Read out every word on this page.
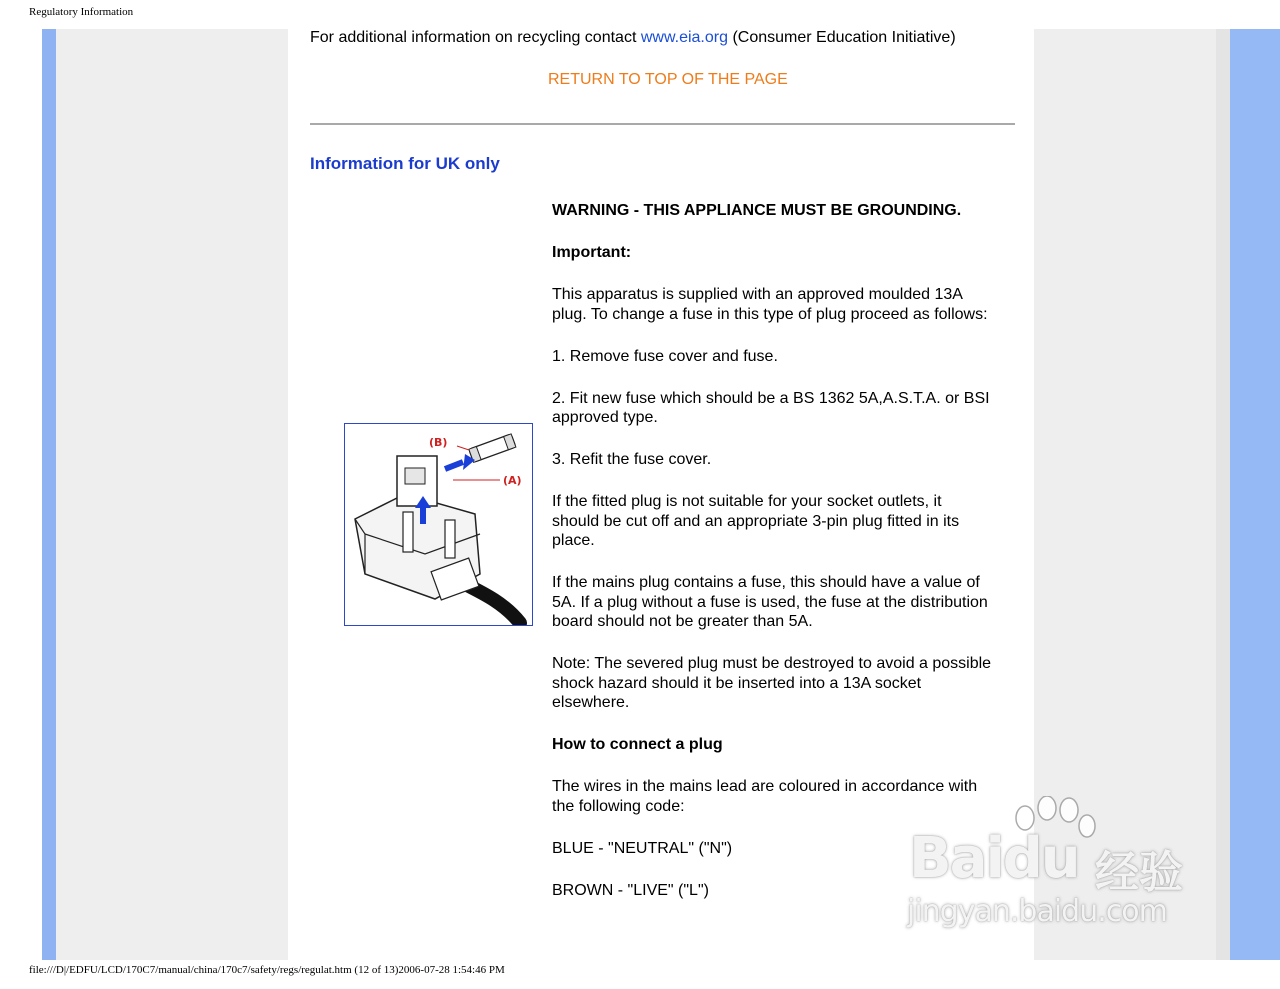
Regulatory Information
For additional information on recycling contact www.eia.org (Consumer Education Initiative)
RETURN TO TOP OF THE PAGE
Information for UK only
(B)
(A)

WARNING - THIS APPLIANCE MUST BE GROUNDING.

Important:

This apparatus is supplied with an approved moulded 13A plug. To change a fuse in this type of plug proceed as follows:

1. Remove fuse cover and fuse.

2. Fit new fuse which should be a BS 1362 5A,A.S.T.A. or BSI approved type.

3. Refit the fuse cover.

If the fitted plug is not suitable for your socket outlets, it should be cut off and an appropriate 3-pin plug fitted in its place.

If the mains plug contains a fuse, this should have a value of 5A. If a plug without a fuse is used, the fuse at the distribution board should not be greater than 5A.

Note: The severed plug must be destroyed to avoid a possible shock hazard should it be inserted into a 13A socket elsewhere.

How to connect a plug

The wires in the mains lead are coloured in accordance with the following code:

BLUE - "NEUTRAL" ("N")

BROWN - "LIVE" ("L")	Baidu 经验
jingyan.baidu.com
file:///D|/EDFU/LCD/170C7/manual/china/170c7/safety/regs/regulat.htm (12 of 13)2006-07-28 1:54:46 PM
